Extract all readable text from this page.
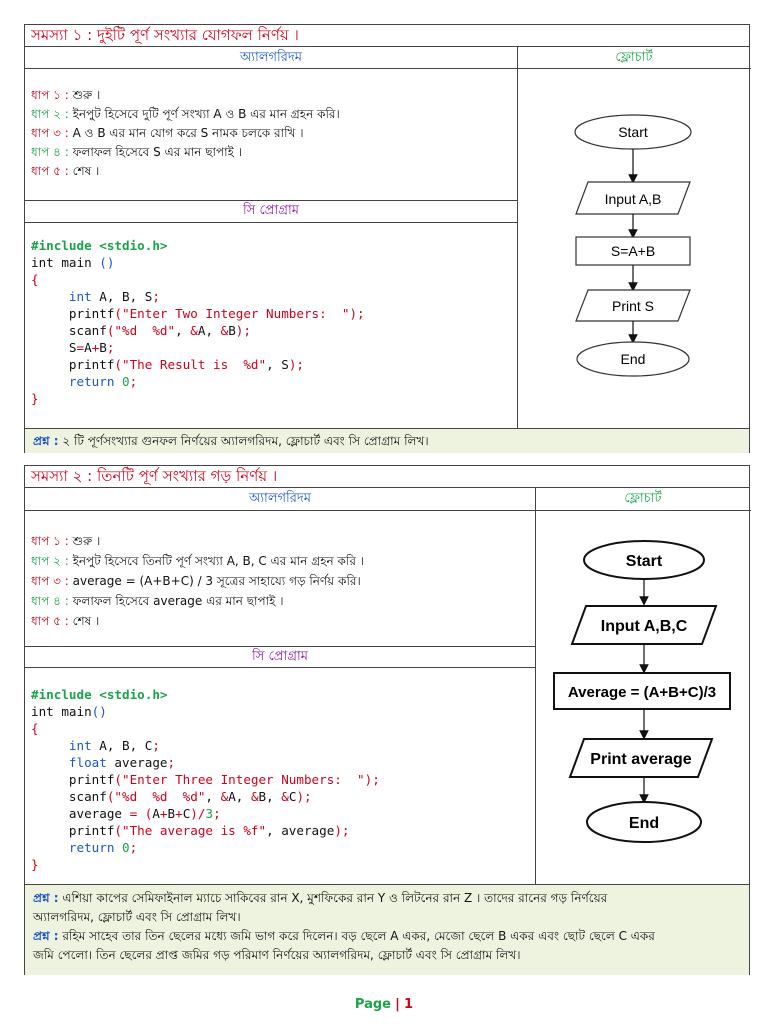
সমস্যা ১ : দুইটি পূর্ণ সংখ্যার যোগফল নির্ণয় ।
অ্যালগরিদম	ফ্লোচার্ট
ধাপ ১ : শুরু ।
ধাপ ২ : ইনপুট হিসেবে দুটি পূর্ণ সংখ্যা A ও B এর মান গ্রহন করি।
ধাপ ৩ : A ও B এর মান যোগ করে S নামক চলকে রাখি ।
ধাপ ৪ : ফলাফল হিসেবে S এর মান ছাপাই ।
ধাপ ৫ : শেষ ।
সি প্রোগ্রাম
#include <stdio.h>
int main ()
{
int A, B, S;
printf("Enter Two Integer Numbers:  ");
scanf("%d  %d", &A, &B);
S=A+B;
printf("The Result is  %d", S);
return 0;
}
Start
Input A,B
S=A+B
Print S
End
প্রশ্ন : ২ টি পূর্ণসংখ্যার গুনফল নির্ণয়ের অ্যালগরিদম, ফ্লোচার্ট এবং সি প্রোগ্রাম লিখ।
সমস্যা ২ : তিনটি পূর্ণ সংখ্যার গড় নির্ণয় ।
অ্যালগরিদম	ফ্লোচার্ট
ধাপ ১ : শুরু ।
ধাপ ২ : ইনপুট হিসেবে তিনটি পূর্ণ সংখ্যা A, B, C এর মান গ্রহন করি ।
ধাপ ৩ : average = (A+B+C) / 3 সূত্রের সাহায্যে গড় নির্ণয় করি।
ধাপ ৪ : ফলাফল হিসেবে average এর মান ছাপাই ।
ধাপ ৫ : শেষ ।
সি প্রোগ্রাম
#include <stdio.h>
int main()
{
int A, B, C;
float average;
printf("Enter Three Integer Numbers:  ");
scanf("%d  %d  %d", &A, &B, &C);
average = (A+B+C)/3;
printf("The average is %f", average);
return 0;
}
Start
Input A,B,C
Average = (A+B+C)/3
Print average
End
প্রশ্ন : এশিয়া কাপের সেমিফাইনাল ম্যাচে সাকিবের রান X, মুশফিকের রান Y ও লিটনের রান Z । তাদের রানের গড় নির্ণয়ের
অ্যালগরিদম, ফ্লোচার্ট এবং সি প্রোগ্রাম লিখ।
প্রশ্ন : রহিম সাহেব তার তিন ছেলের মধ্যে জমি ভাগ করে দিলেন। বড় ছেলে A একর, মেজো ছেলে B একর এবং ছোট ছেলে C একর
জমি পেলো। তিন ছেলের প্রাপ্ত জমির গড় পরিমাণ নির্ণয়ের অ্যালগরিদম, ফ্লোচার্ট এবং সি প্রোগ্রাম লিখ।
Page | 1
